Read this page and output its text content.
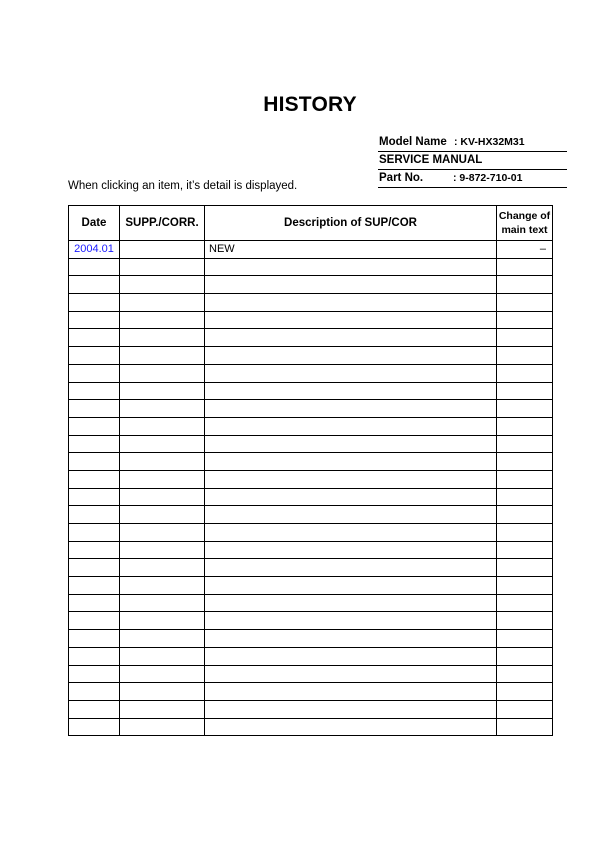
HISTORY
Model Name : KV-HX32M31
SERVICE MANUAL
Part No.	: 9-872-710-01
When clicking an item, it’s detail is displayed.
Date	SUPP./CORR.	Description of SUP/COR	Change of
main text
2004.01		NEW	–
